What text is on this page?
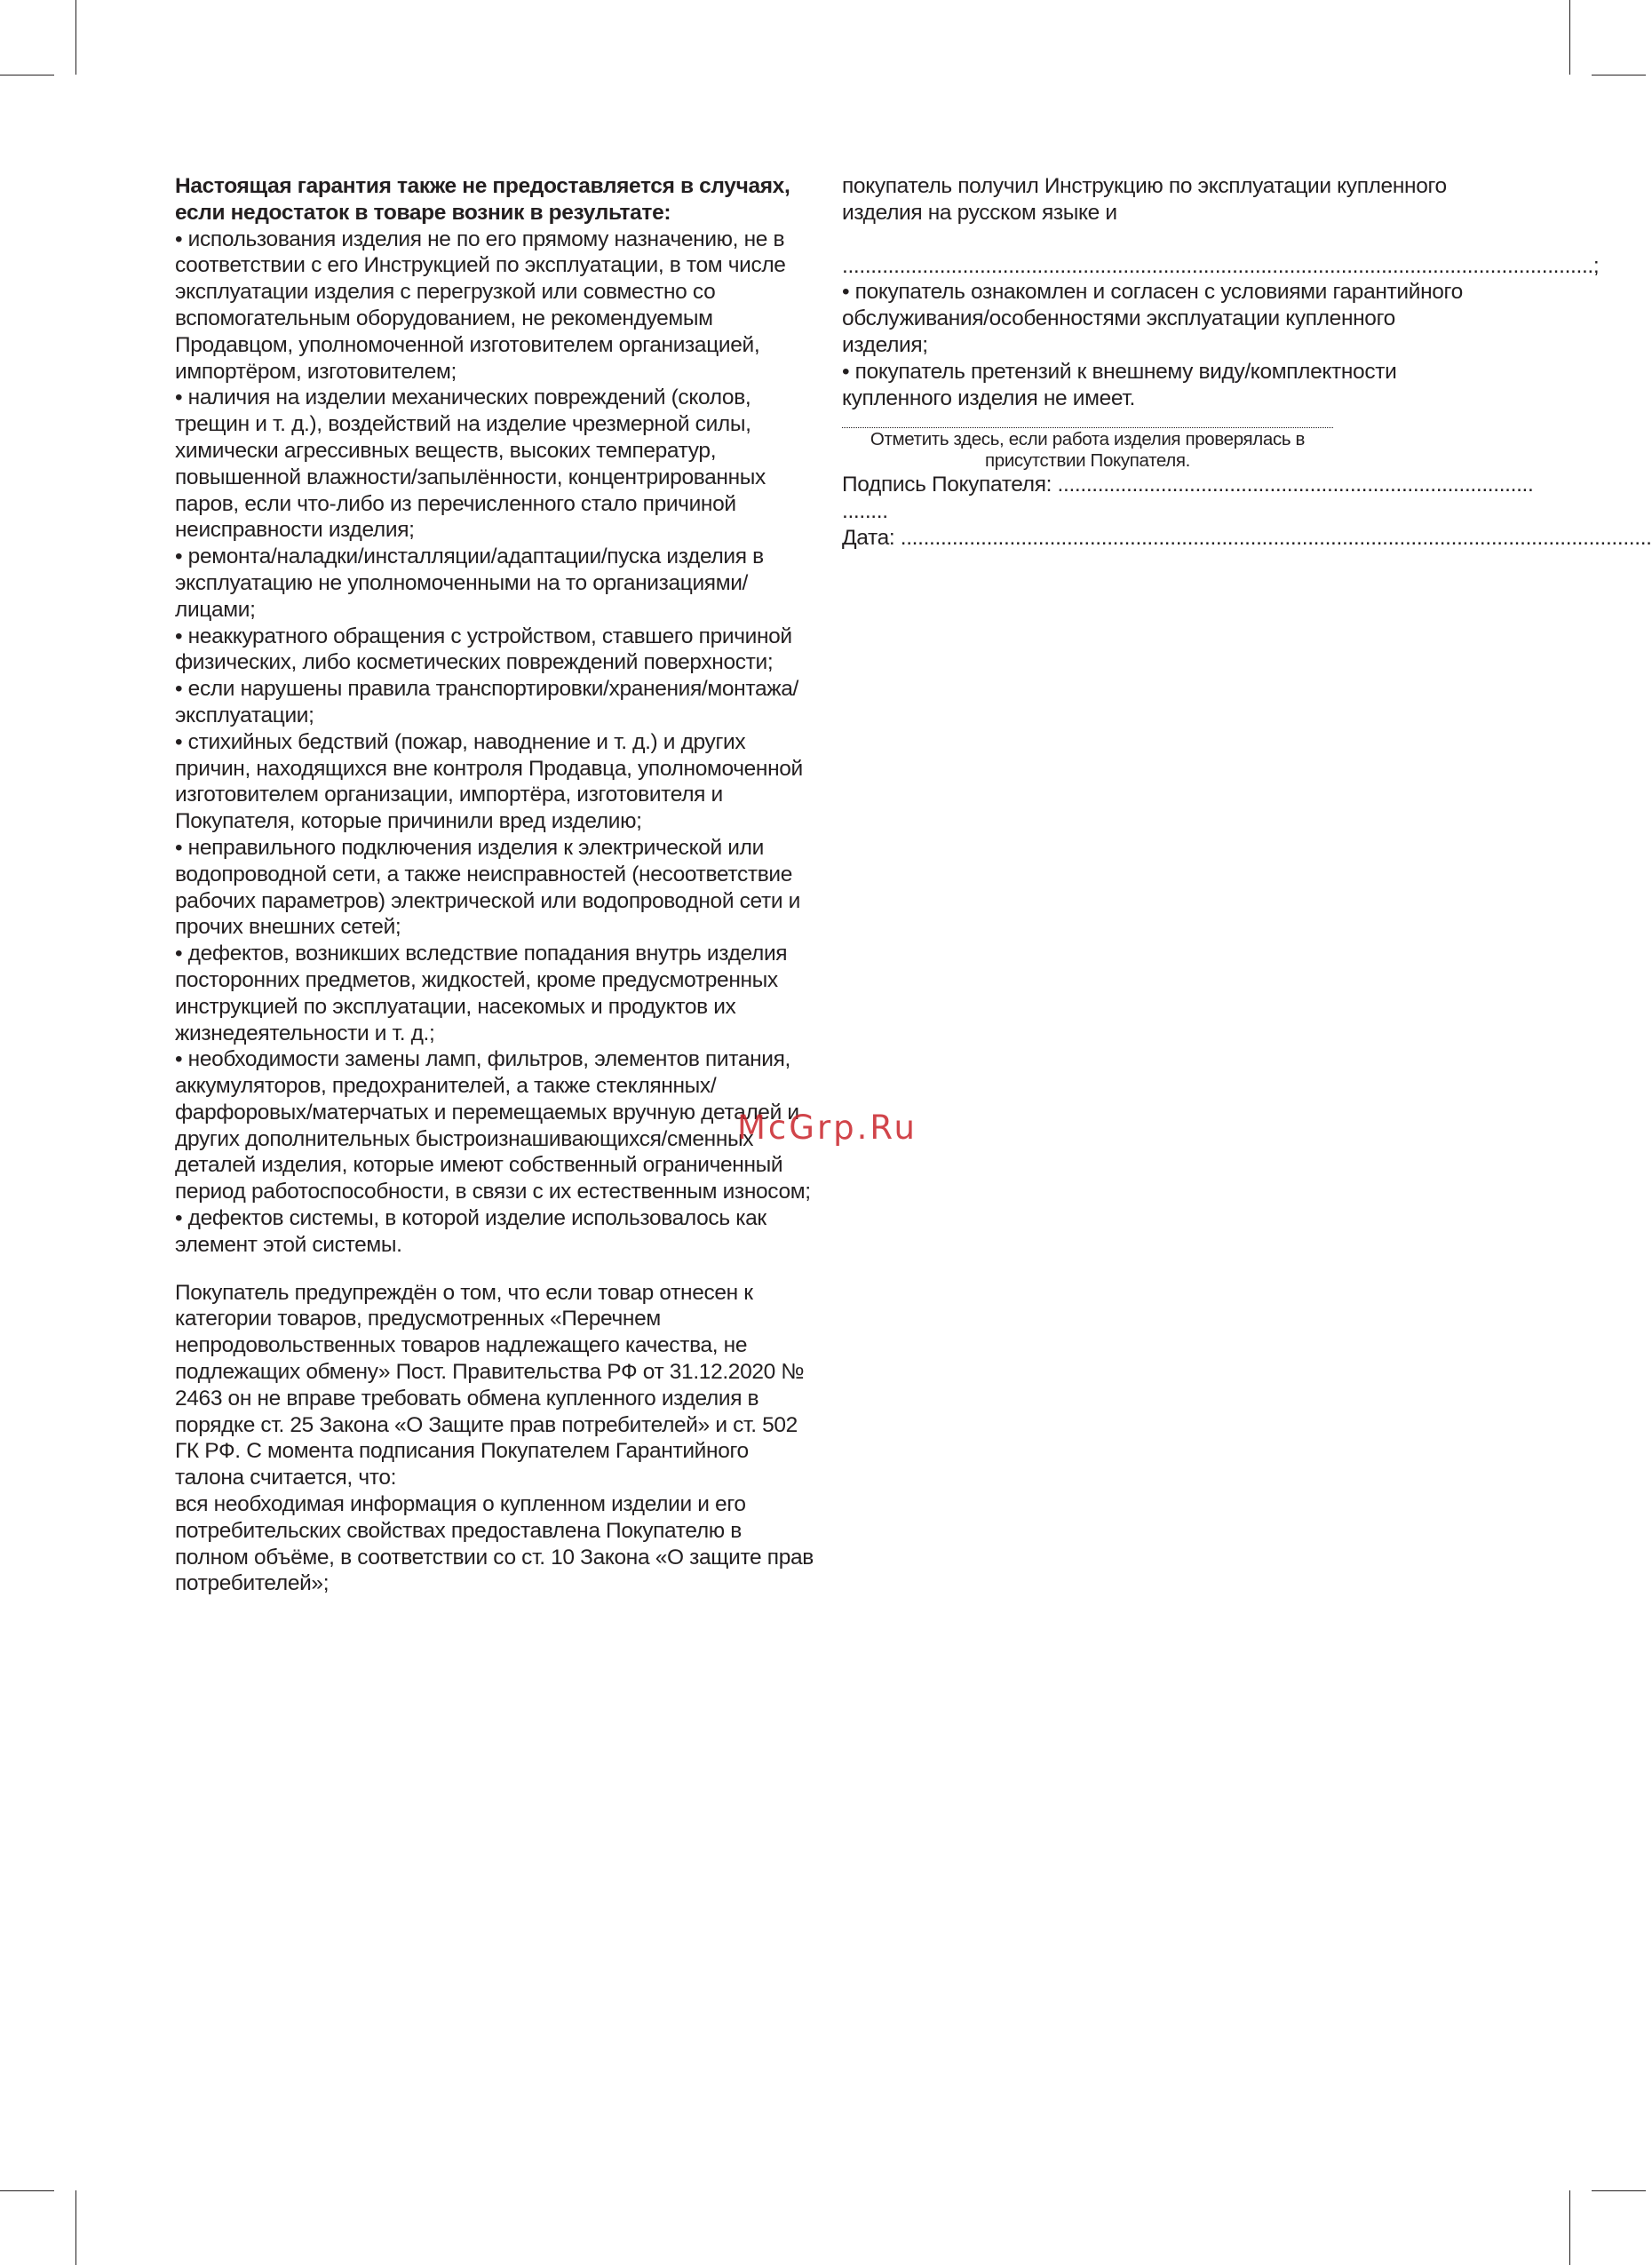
Настоящая гарантия также не предоставляется в случаях, если недостаток в товаре возник в результате:

• использования изделия не по его прямому назначению, не в соответствии с его Инструкцией по эксплуатации, в том числе эксплуатации изделия с перегрузкой или совместно со вспомогательным оборудованием, не рекомендуемым Продавцом, уполномоченной изготовителем организацией, импортёром, изготовителем;

• наличия на изделии механических повреждений (сколов, трещин и т. д.), воздействий на изделие чрезмерной силы, химически агрессивных веществ, высоких температур, повышенной влажности/запылённости, концентрированных паров, если что-либо из перечисленного стало причиной неисправности изделия;

• ремонта/наладки/инсталляции/адаптации/пуска изделия в эксплуатацию не уполномоченными на то организациями/лицами;

• неаккуратного обращения с устройством, ставшего причиной физических, либо косметических повреждений поверхности;

• если нарушены правила транспортировки/хранения/монтажа/эксплуатации;

• стихийных бедствий (пожар, наводнение и т. д.) и других причин, находящихся вне контроля Продавца, уполномоченной изготовителем организации, импортёра, изготовителя и Покупателя, которые причинили вред изделию;

• неправильного подключения изделия к электрической или водопроводной сети, а также неисправностей (несоответствие рабочих параметров) электрической или водопроводной сети и прочих внешних сетей;

• дефектов, возникших вследствие попадания внутрь изделия посторонних предметов, жидкостей, кроме предусмотренных инструкцией по эксплуатации, насекомых и продуктов их жизнедеятельности и т. д.;

• необходимости замены ламп, фильтров, элементов питания, аккумуляторов, предохранителей, а также стеклянных/фарфоровых/матерчатых и перемещаемых вручную деталей и других дополнительных быстроизнашивающихся/сменных деталей изделия, которые имеют собственный ограниченный период работоспособности, в связи с их естественным износом;

• дефектов системы, в которой изделие использовалось как элемент этой системы.

Покупатель предупреждён о том, что если товар отнесен к категории товаров, предусмотренных «Перечнем непродовольственных товаров надлежащего качества, не подлежащих обмену» Пост. Правительства РФ от 31.12.2020 № 2463 он не вправе требовать обмена купленного изделия в порядке ст. 25 Закона «О Защите прав потребителей» и ст. 502 ГК РФ. С момента подписания Покупателем Гарантийного талона считается, что:

вся необходимая информация о купленном изделии и его потребительских свойствах предоставлена Покупателю в полном объёме, в соответствии со ст. 10 Закона «О защите прав потребителей»;

покупатель получил Инструкцию по эксплуатации купленного изделия на русском языке и

...................................................................................................................................;

• покупатель ознакомлен и согласен с условиями гарантийного обслуживания/особенностями эксплуатации купленного изделия;

• покупатель претензий к внешнему виду/комплектности купленного изделия не имеет.

Отметить здесь, если работа изделия проверялась в присутствии Покупателя.

Подпись Покупателя: ...................................................................................

........

Дата: ...................................................................................................................................

McGrp.Ru
